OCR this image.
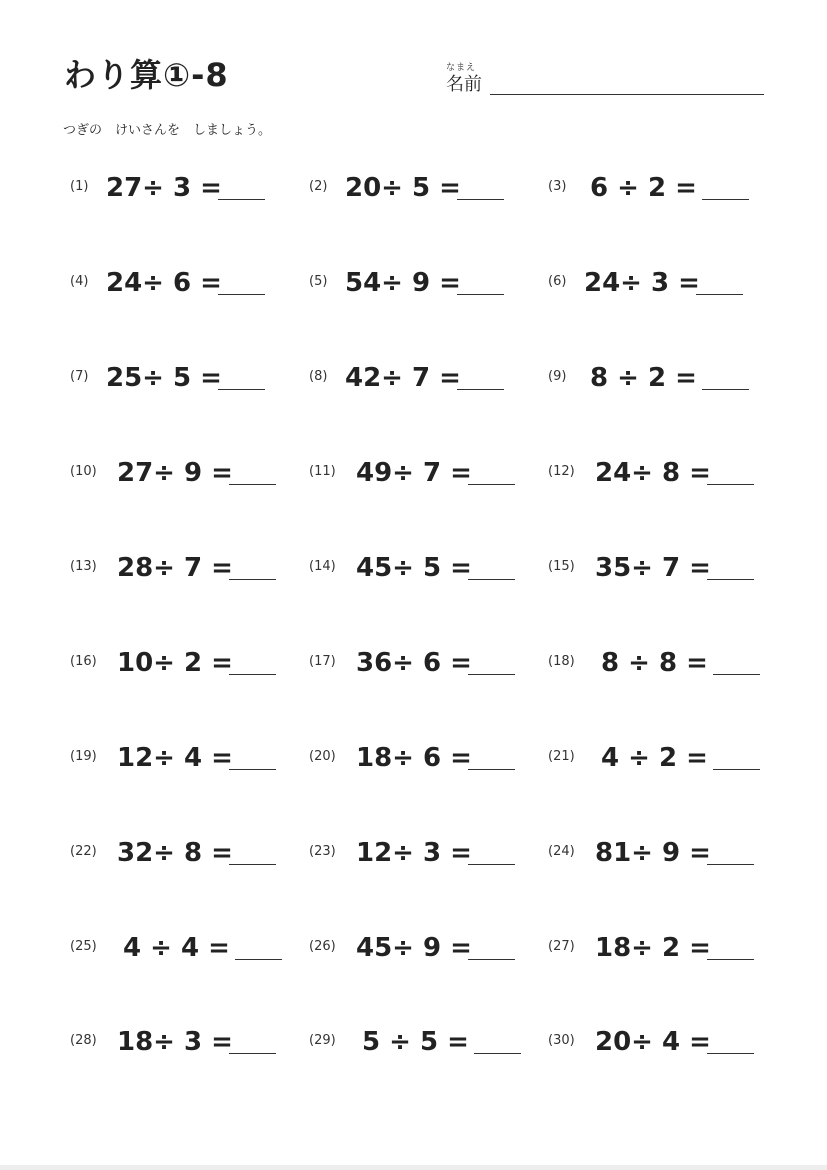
わり算①-8	なまえ
名前
つぎの　けいさんを　しましょう。
(1) 27÷ 3 =	(2) 20÷ 5 =	(3) 6 ÷ 2 =
(4) 24÷ 6 =	(5) 54÷ 9 =	(6) 24÷ 3 =
(7) 25÷ 5 =	(8) 42÷ 7 =	(9) 8 ÷ 2 =
(10) 27÷ 9 =	(11) 49÷ 7 =	(12) 24÷ 8 =
(13) 28÷ 7 =	(14) 45÷ 5 =	(15) 35÷ 7 =
(16) 10÷ 2 =	(17) 36÷ 6 =	(18) 8 ÷ 8 =
(19) 12÷ 4 =	(20) 18÷ 6 =	(21) 4 ÷ 2 =
(22) 32÷ 8 =	(23) 12÷ 3 =	(24) 81÷ 9 =
(25) 4 ÷ 4 =	(26) 45÷ 9 =	(27) 18÷ 2 =
(28) 18÷ 3 =	(29) 5 ÷ 5 =	(30) 20÷ 4 =
